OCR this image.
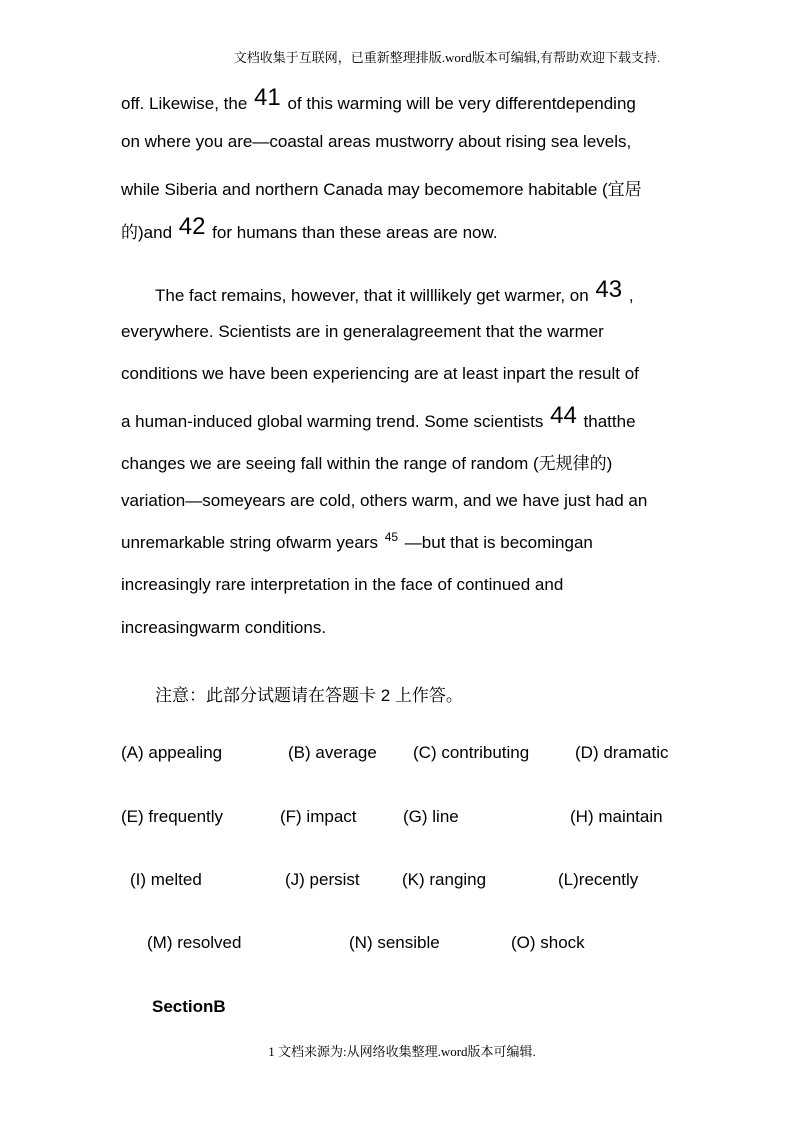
文档收集于互联网，已重新整理排版.word版本可编辑,有帮助欢迎下载支持.
off. Likewise, the 41 of this warming will be very differentdepending
on where you are—coastal areas mustworry about rising sea levels,
while Siberia and northern Canada may becomemore habitable (宜居
的)and 42 for humans than these areas are now.
The fact remains, however, that it willlikely get warmer, on 43 ,
everywhere. Scientists are in generalagreement that the warmer
conditions we have been experiencing are at least inpart the result of
a human-induced global warming trend. Some scientists 44 thatthe
changes we are seeing fall within the range of random (无规律的)
variation—someyears are cold, others warm, and we have just had an
unremarkable string ofwarm years $^{45}$ —but that is becomingan
increasingly rare interpretation in the face of continued and
increasingwarm conditions.
注意：此部分试题请在答题卡 2 上作答。
(A) appealing	(B) average (C) contributing	(D) dramatic
(E) frequently	(F) impact	(G) line	(H) maintain
(I) melted	(J) persist (K) ranging	(L)recently
(M) resolved	(N) sensible	(O) shock
SectionB
1 文档来源为:从网络收集整理.word版本可编辑.
